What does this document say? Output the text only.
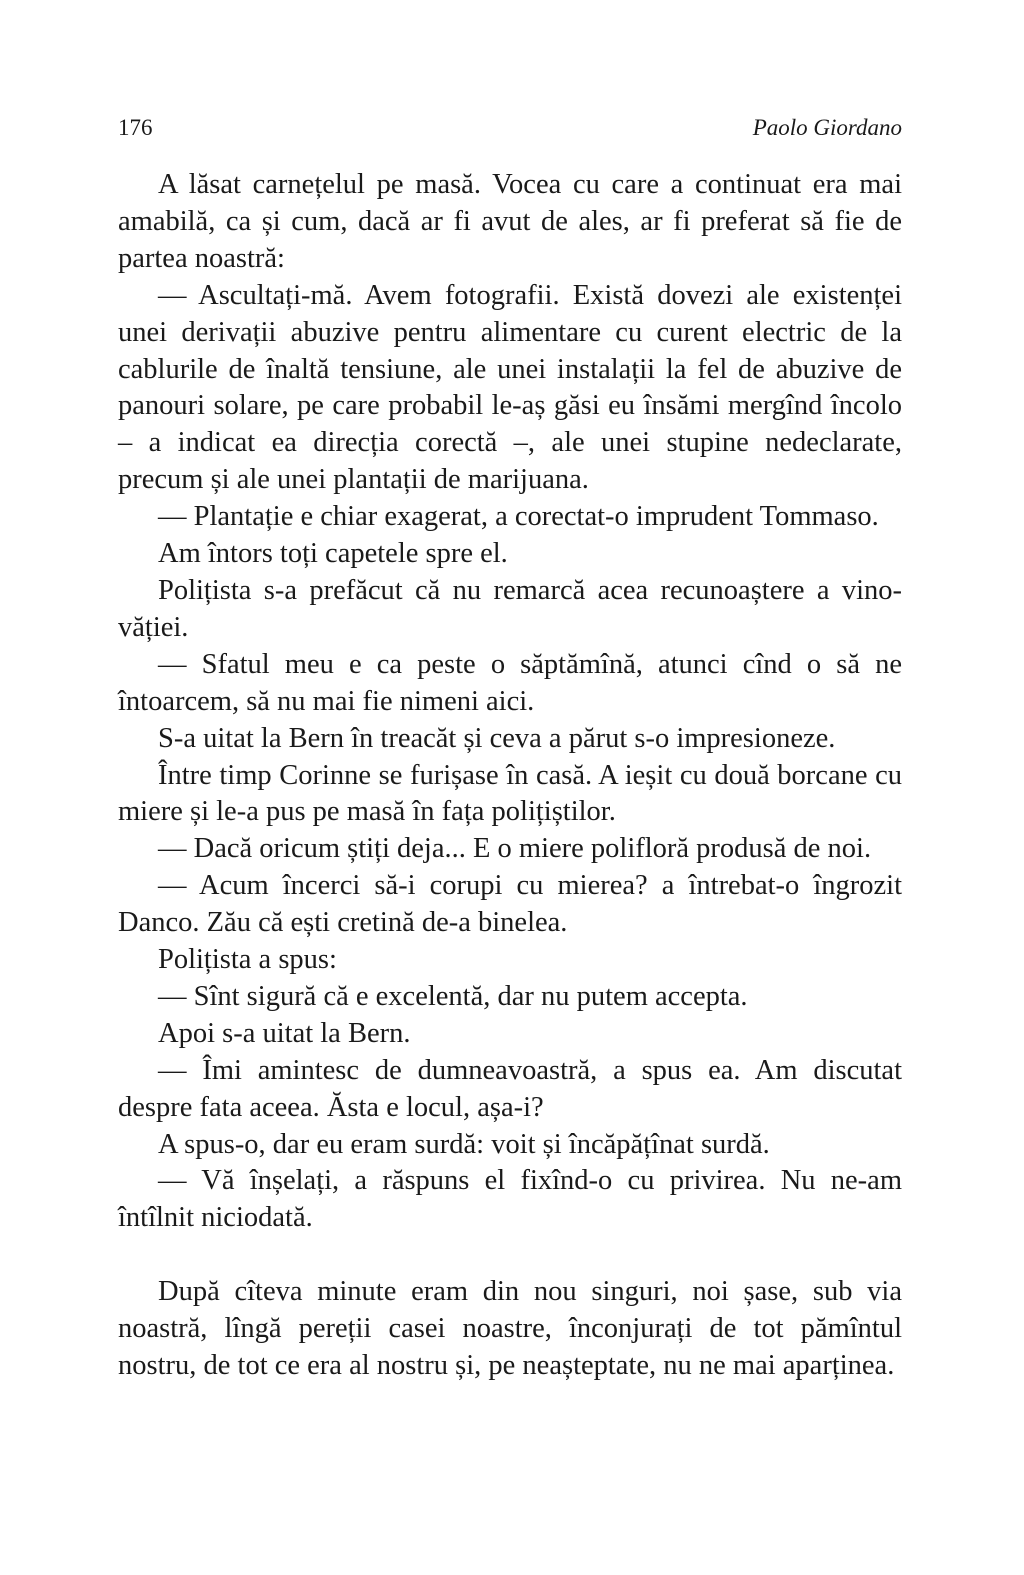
176	Paolo Giordano

A lăsat carnețelul pe masă. Vocea cu care a continuat era mai amabilă, ca și cum, dacă ar fi avut de ales, ar fi preferat să fie de partea noastră:

— Ascultați-mă. Avem fotografii. Există dovezi ale existenței unei derivații abuzive pentru alimentare cu curent electric de la cablurile de înaltă tensiune, ale unei instalații la fel de abuzive de panouri solare, pe care probabil le-aș găsi eu însămi mergînd încolo – a indicat ea direcția corectă –, ale unei stupine nedeclarate, precum și ale unei plantații de marijuana.

— Plantație e chiar exagerat, a corectat-o imprudent Tommaso.

Am întors toți capetele spre el.

Polițista s-a prefăcut că nu remarcă acea recunoaștere a vinovăției.

— Sfatul meu e ca peste o săptămînă, atunci cînd o să ne întoarcem, să nu mai fie nimeni aici.

S-a uitat la Bern în treacăt și ceva a părut s-o impresioneze.

Între timp Corinne se furișase în casă. A ieșit cu două borcane cu miere și le-a pus pe masă în fața polițiștilor.

— Dacă oricum știți deja... E o miere polifloră produsă de noi.

— Acum încerci să-i corupi cu mierea? a întrebat-o îngrozit Danco. Zău că ești cretină de-a binelea.

Polițista a spus:

— Sînt sigură că e excelentă, dar nu putem accepta.

Apoi s-a uitat la Bern.

— Îmi amintesc de dumneavoastră, a spus ea. Am discutat despre fata aceea. Ăsta e locul, așa-i?

A spus-o, dar eu eram surdă: voit și încăpățînat surdă.

— Vă înșelați, a răspuns el fixînd-o cu privirea. Nu ne-am întîlnit niciodată.

După cîteva minute eram din nou singuri, noi șase, sub via noastră, lîngă pereții casei noastre, înconjurați de tot pămîntul nostru, de tot ce era al nostru și, pe neașteptate, nu ne mai aparținea.
